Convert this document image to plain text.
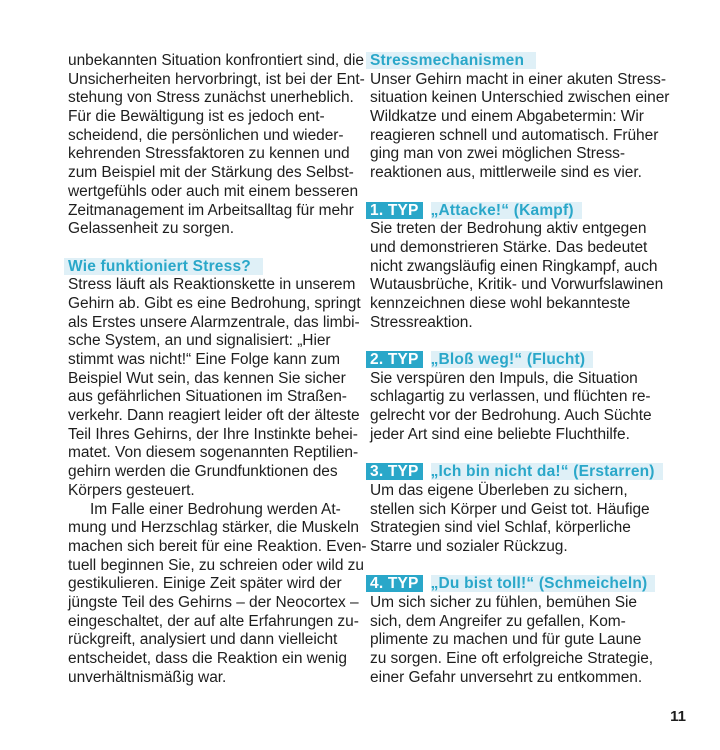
unbekannten Situation konfrontiert sind, die
Unsicherheiten hervorbringt, ist bei der Ent-
stehung von Stress zunächst unerheblich.
Für die Bewältigung ist es jedoch ent-
scheidend, die persönlichen und wieder-
kehrenden Stressfaktoren zu kennen und
zum Beispiel mit der Stärkung des Selbst-
wertgefühls oder auch mit einem besseren
Zeitmanagement im Arbeitsalltag für mehr
Gelassenheit zu sorgen.
Wie funktioniert Stress?
Stress läuft als Reaktionskette in unserem
Gehirn ab. Gibt es eine Bedrohung, springt
als Erstes unsere Alarmzentrale, das limbi-
sche System, an und signalisiert: „Hier
stimmt was nicht!“ Eine Folge kann zum
Beispiel Wut sein, das kennen Sie sicher
aus gefährlichen Situationen im Straßen-
verkehr. Dann reagiert leider oft der älteste
Teil Ihres Gehirns, der Ihre Instinkte behei-
matet. Von diesem sogenannten Reptilien-
gehirn werden die Grundfunktionen des
Körpers gesteuert.
Im Falle einer Bedrohung werden At-
mung und Herzschlag stärker, die Muskeln
machen sich bereit für eine Reaktion. Even-
tuell beginnen Sie, zu schreien oder wild zu
gestikulieren. Einige Zeit später wird der
jüngste Teil des Gehirns – der Neocortex –
eingeschaltet, der auf alte Erfahrungen zu-
rückgreift, analysiert und dann vielleicht
entscheidet, dass die Reaktion ein wenig
unverhältnismäßig war.
Stressmechanismen
Unser Gehirn macht in einer akuten Stress-
situation keinen Unterschied zwischen einer
Wildkatze und einem Abgabetermin: Wir
reagieren schnell und automatisch. Früher
ging man von zwei möglichen Stress-
reaktionen aus, mittlerweile sind es vier.
1. TYP „Attacke!“ (Kampf)
Sie treten der Bedrohung aktiv entgegen
und demonstrieren Stärke. Das bedeutet
nicht zwangsläufig einen Ringkampf, auch
Wutausbrüche, Kritik- und Vorwurfslawinen
kennzeichnen diese wohl bekannteste
Stressreaktion.
2. TYP „Bloß weg!“ (Flucht)
Sie verspüren den Impuls, die Situation
schlagartig zu verlassen, und flüchten re-
gelrecht vor der Bedrohung. Auch Süchte
jeder Art sind eine beliebte Fluchthilfe.
3. TYP „Ich bin nicht da!“ (Erstarren)
Um das eigene Überleben zu sichern,
stellen sich Körper und Geist tot. Häufige
Strategien sind viel Schlaf, körperliche
Starre und sozialer Rückzug.
4. TYP „Du bist toll!“ (Schmeicheln)
Um sich sicher zu fühlen, bemühen Sie
sich, dem Angreifer zu gefallen, Kom-
plimente zu machen und für gute Laune
zu sorgen. Eine oft erfolgreiche Strategie,
einer Gefahr unversehrt zu entkommen.
11
